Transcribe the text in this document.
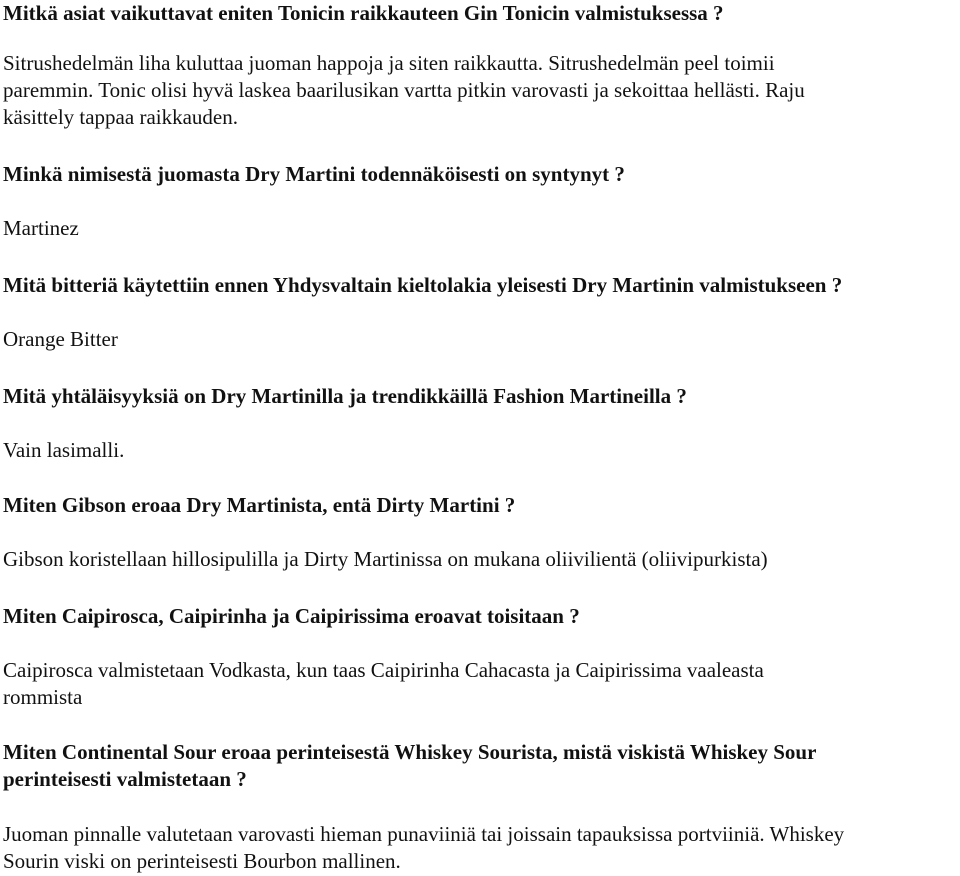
Mitkä asiat vaikuttavat eniten Tonicin raikkauteen Gin Tonicin valmistuksessa ?

Sitrushedelmän liha kuluttaa juoman happoja ja siten raikkautta. Sitrushedelmän peel toimii
paremmin. Tonic olisi hyvä laskea baarilusikan vartta pitkin varovasti ja sekoittaa hellästi. Raju
käsittely tappaa raikkauden.

Minkä nimisestä juomasta Dry Martini todennäköisesti on syntynyt ?

Martinez

Mitä bitteriä käytettiin ennen Yhdysvaltain kieltolakia yleisesti Dry Martinin valmistukseen ?

Orange Bitter

Mitä yhtäläisyyksiä on Dry Martinilla ja trendikkäillä Fashion Martineilla ?

Vain lasimalli.

Miten Gibson eroaa Dry Martinista, entä Dirty Martini ?

Gibson koristellaan hillosipulilla ja Dirty Martinissa on mukana oliivilientä (oliivipurkista)

Miten Caipirosca, Caipirinha ja Caipirissima eroavat toisitaan ?

Caipirosca valmistetaan Vodkasta, kun taas Caipirinha Cahacasta ja Caipirissima vaaleasta
rommista

Miten Continental Sour eroaa perinteisestä Whiskey Sourista, mistä viskistä Whiskey Sour
perinteisesti valmistetaan ?

Juoman pinnalle valutetaan varovasti hieman punaviiniä tai joissain tapauksissa portviiniä. Whiskey
Sourin viski on perinteisesti Bourbon mallinen.
